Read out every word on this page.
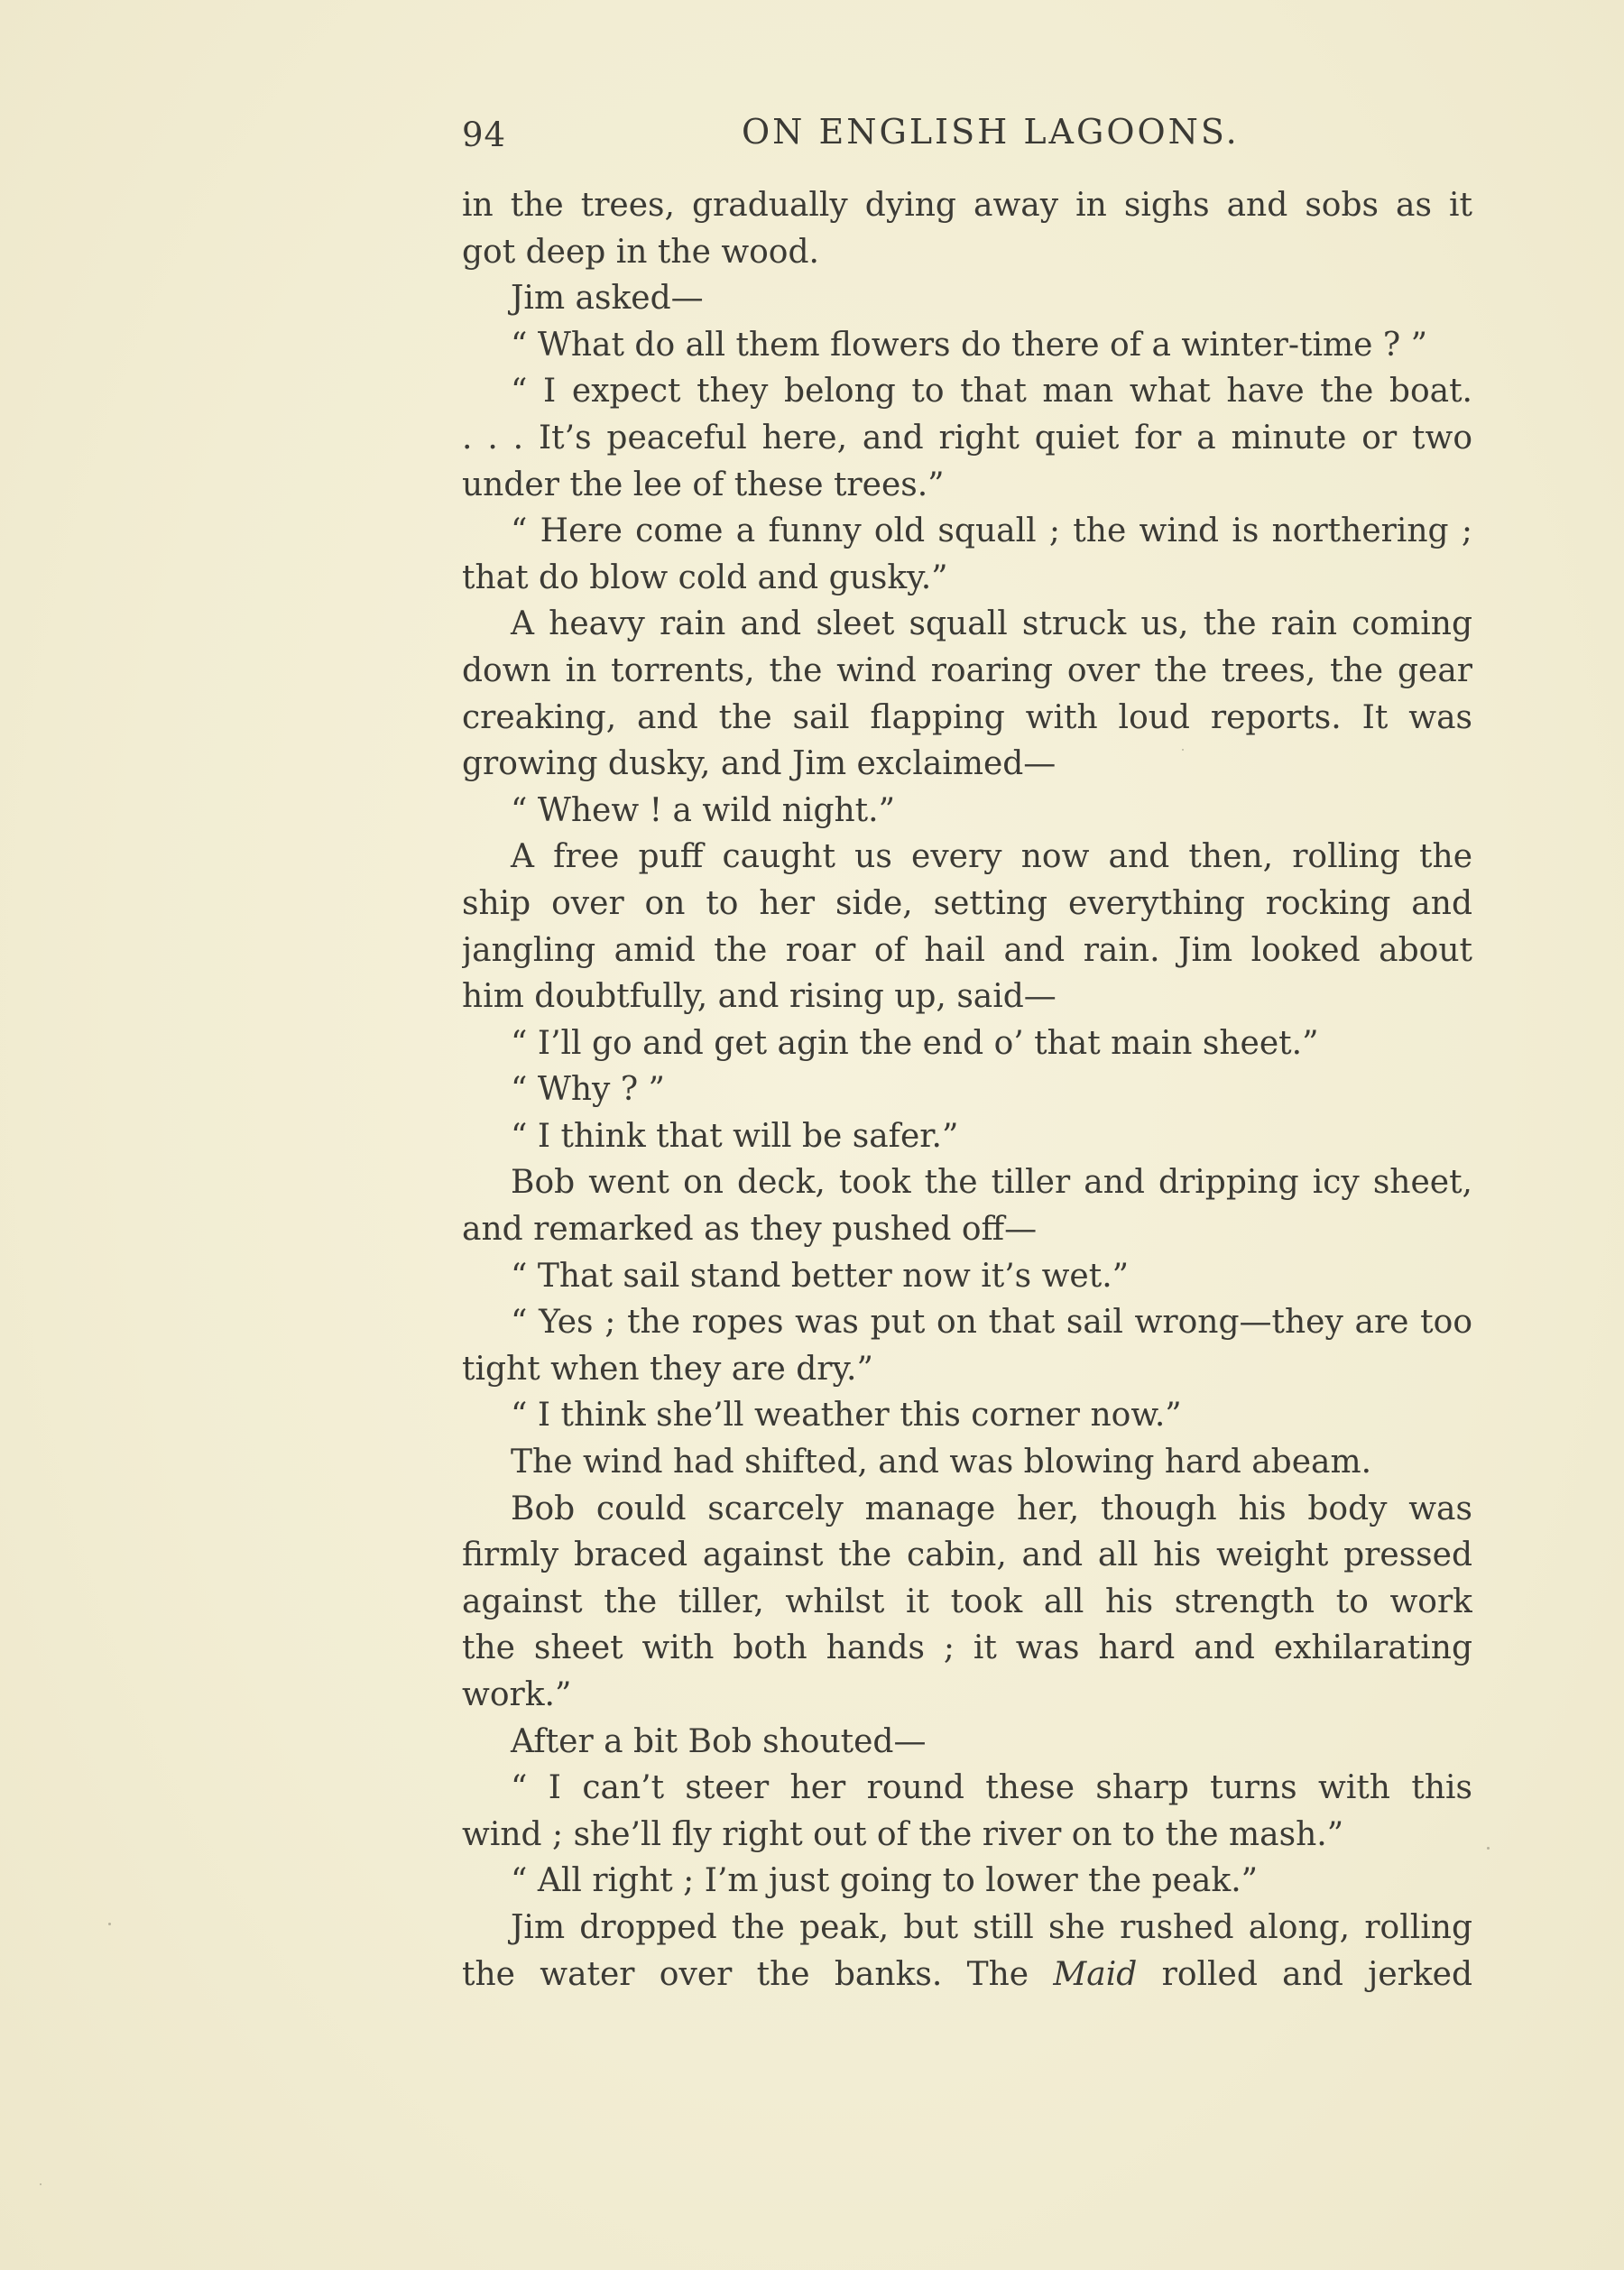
94	ON ENGLISH LAGOONS.
in the trees, gradually dying away in sighs and sobs as it
got deep in the wood.
Jim asked—
“ What do all them flowers do there of a winter-time ? ”
“ I expect they belong to that man what have the boat.
. . . It’s peaceful here, and right quiet for a minute or two
under the lee of these trees.”
“ Here come a funny old squall ; the wind is northering ;
that do blow cold and gusky.”
A heavy rain and sleet squall struck us, the rain coming
down in torrents, the wind roaring over the trees, the gear
creaking, and the sail flapping with loud reports. It was
growing dusky, and Jim exclaimed—
“ Whew ! a wild night.”
A free puff caught us every now and then, rolling the
ship over on to her side, setting everything rocking and
jangling amid the roar of hail and rain. Jim looked about
him doubtfully, and rising up, said—
“ I’ll go and get agin the end o’ that main sheet.”
“ Why ? ”
“ I think that will be safer.”
Bob went on deck, took the tiller and dripping icy sheet,
and remarked as they pushed off—
“ That sail stand better now it’s wet.”
“ Yes ; the ropes was put on that sail wrong—they are too
tight when they are dry.”
“ I think she’ll weather this corner now.”
The wind had shifted, and was blowing hard abeam.
Bob could scarcely manage her, though his body was
firmly braced against the cabin, and all his weight pressed
against the tiller, whilst it took all his strength to work
the sheet with both hands ; it was hard and exhilarating
work.”
After a bit Bob shouted—
“ I can’t steer her round these sharp turns with this
wind ; she’ll fly right out of the river on to the mash.”
“ All right ; I’m just going to lower the peak.”
Jim dropped the peak, but still she rushed along, rolling
the water over the banks. The Maid rolled and jerked
